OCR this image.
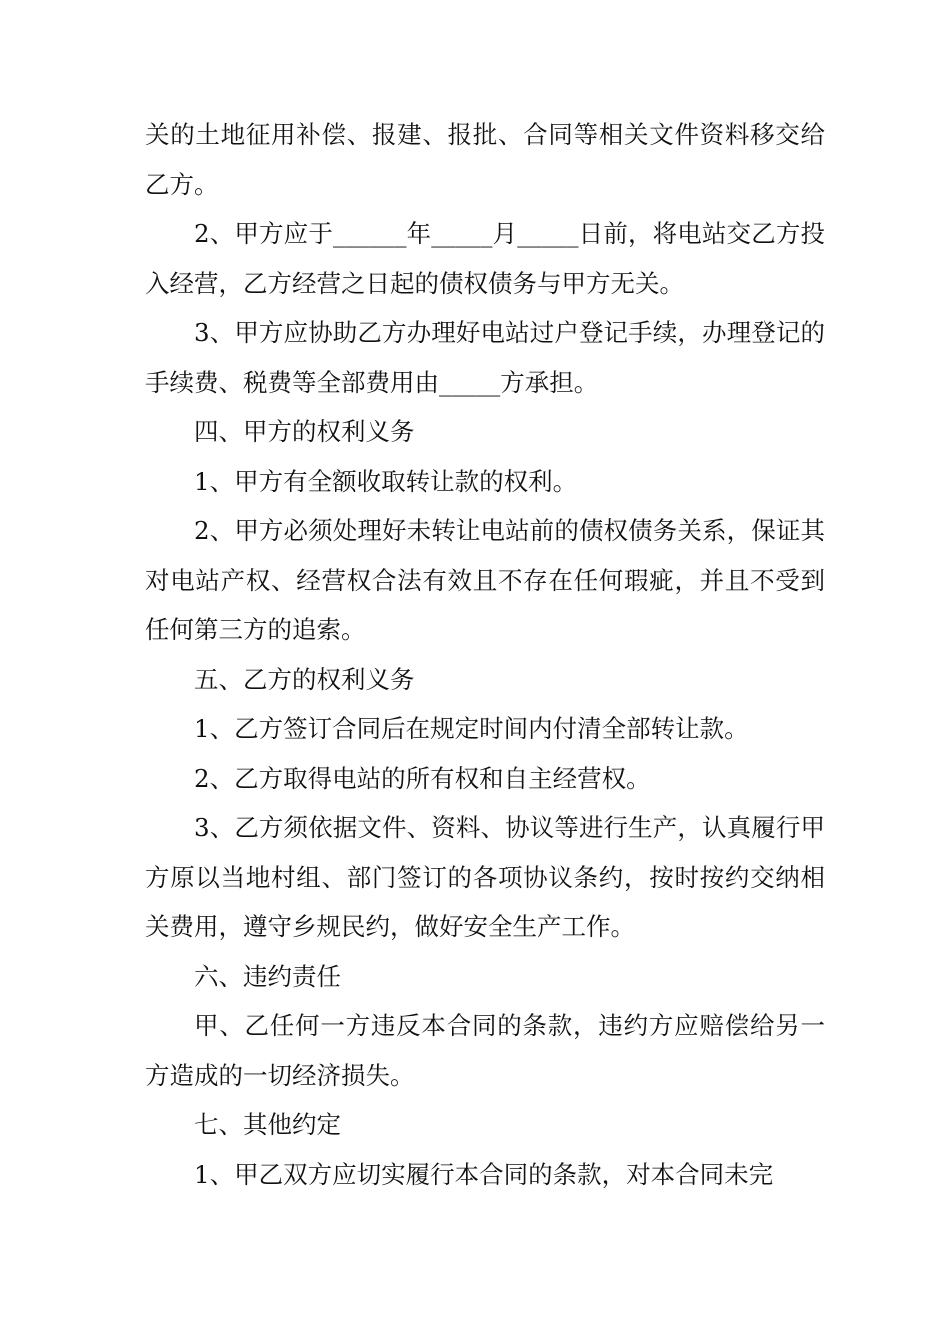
关的土地征用补偿、报建、报批、合同等相关文件资料移交给乙方。

2、甲方应于______年_____月_____日前，将电站交乙方投入经营，乙方经营之日起的债权债务与甲方无关。

3、甲方应协助乙方办理好电站过户登记手续，办理登记的手续费、税费等全部费用由_____方承担。

四、甲方的权利义务

1、甲方有全额收取转让款的权利。

2、甲方必须处理好未转让电站前的债权债务关系，保证其对电站产权、经营权合法有效且不存在任何瑕疵，并且不受到任何第三方的追索。

五、乙方的权利义务

1、乙方签订合同后在规定时间内付清全部转让款。

2、乙方取得电站的所有权和自主经营权。

3、乙方须依据文件、资料、协议等进行生产，认真履行甲方原以当地村组、部门签订的各项协议条约，按时按约交纳相关费用，遵守乡规民约，做好安全生产工作。

六、违约责任

甲、乙任何一方违反本合同的条款，违约方应赔偿给另一方造成的一切经济损失。

七、其他约定

1、甲乙双方应切实履行本合同的条款，对本合同未完
